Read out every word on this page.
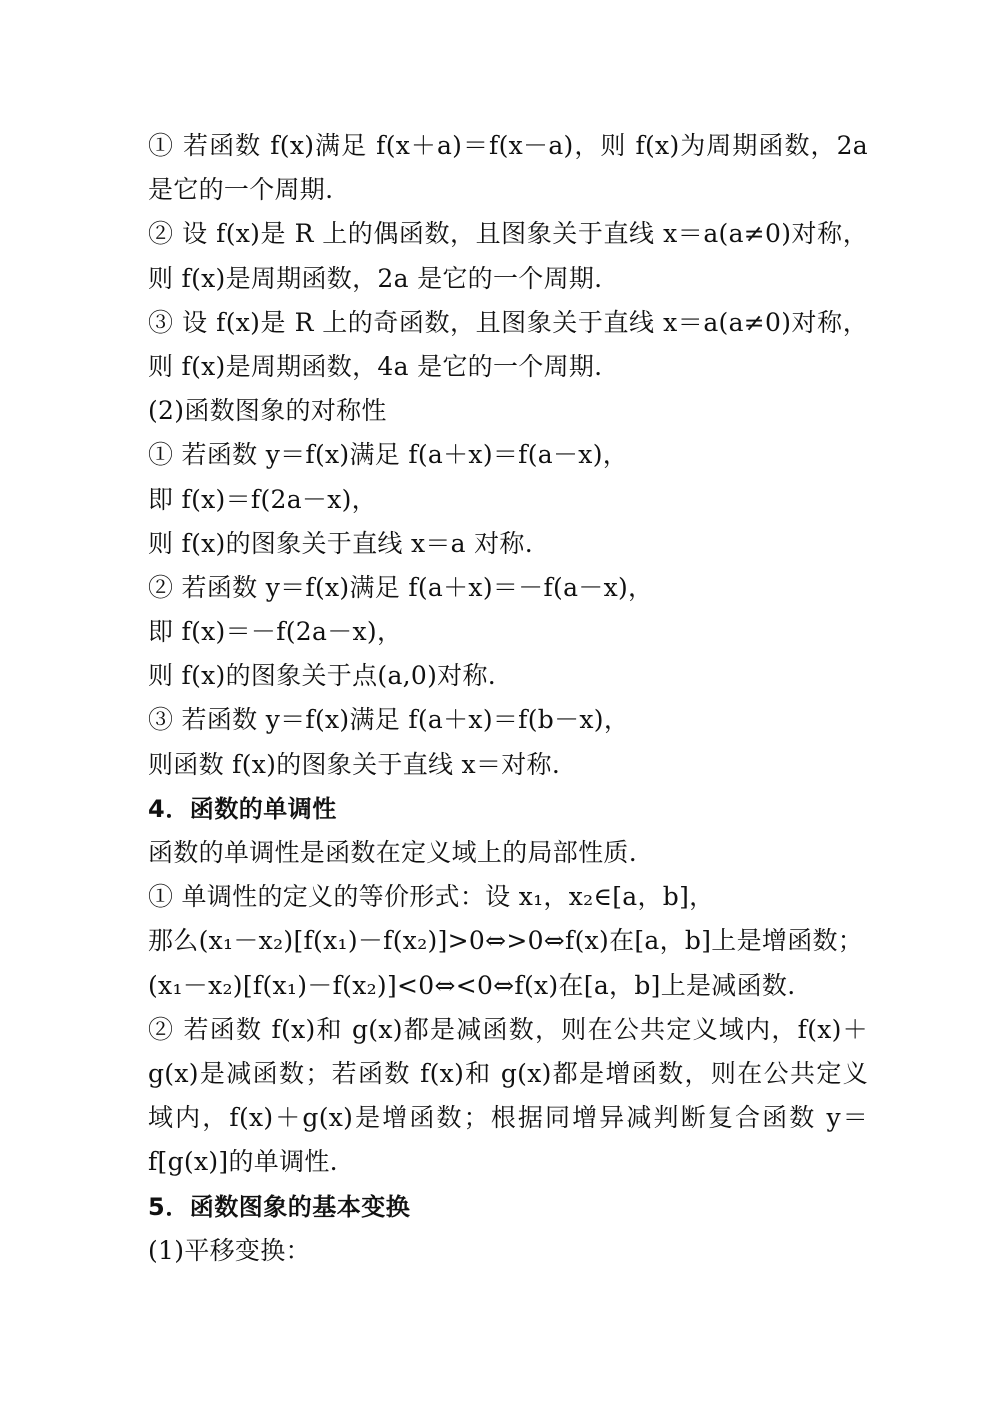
① 若函数 f(x)满足 f(x＋a)＝f(x－a)，则 f(x)为周期函数，2a
是它的一个周期.
② 设 f(x)是 R 上的偶函数，且图象关于直线 x＝a(a≠0)对称，
则 f(x)是周期函数，2a 是它的一个周期.
③ 设 f(x)是 R 上的奇函数，且图象关于直线 x＝a(a≠0)对称，
则 f(x)是周期函数，4a 是它的一个周期.
(2)函数图象的对称性
① 若函数 y＝f(x)满足 f(a＋x)＝f(a－x)，
即 f(x)＝f(2a－x)，
则 f(x)的图象关于直线 x＝a 对称.
② 若函数 y＝f(x)满足 f(a＋x)＝－f(a－x)，
即 f(x)＝－f(2a－x)，
则 f(x)的图象关于点(a,0)对称.
③ 若函数 y＝f(x)满足 f(a＋x)＝f(b－x)，
则函数 f(x)的图象关于直线 x＝对称.
4．函数的单调性
函数的单调性是函数在定义域上的局部性质.
① 单调性的定义的等价形式：设 x₁，x₂∈[a，b]，
那么(x₁－x₂)[f(x₁)－f(x₂)]>0⇔>0⇔f(x)在[a，b]上是增函数；
(x₁－x₂)[f(x₁)－f(x₂)]<0⇔<0⇔f(x)在[a，b]上是减函数.
② 若函数 f(x)和 g(x)都是减函数，则在公共定义域内，f(x)＋
g(x)是减函数；若函数 f(x)和 g(x)都是增函数，则在公共定义
域内，f(x)＋g(x)是增函数；根据同增异减判断复合函数 y＝
f[g(x)]的单调性.
5．函数图象的基本变换
(1)平移变换：
